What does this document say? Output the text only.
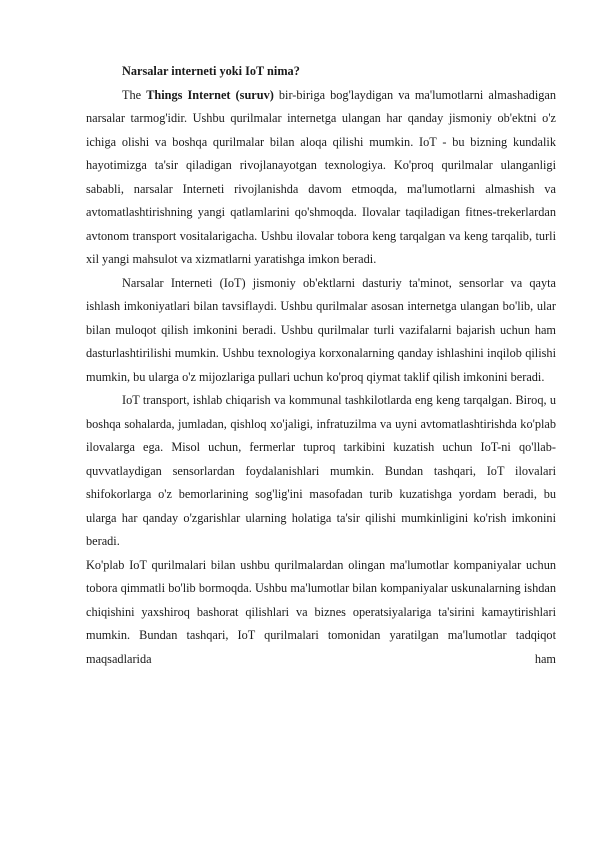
Narsalar interneti yoki IoT nima?

The Things Internet (suruv) bir-biriga bog'laydigan va ma'lumotlarni almashadigan narsalar tarmog'idir. Ushbu qurilmalar internetga ulangan har qanday jismoniy ob'ektni o'z ichiga olishi va boshqa qurilmalar bilan aloqa qilishi mumkin. IoT - bu bizning kundalik hayotimizga ta'sir qiladigan rivojlanayotgan texnologiya. Ko'proq qurilmalar ulanganligi sababli, narsalar Interneti rivojlanishda davom etmoqda, ma'lumotlarni almashish va avtomatlashtirishning yangi qatlamlarini qo'shmoqda. Ilovalar taqiladigan fitnes-trekerlardan avtonom transport vositalarigacha. Ushbu ilovalar tobora keng tarqalgan va keng tarqalib, turli xil yangi mahsulot va xizmatlarni yaratishga imkon beradi.

Narsalar Interneti (IoT) jismoniy ob'ektlarni dasturiy ta'minot, sensorlar va qayta ishlash imkoniyatlari bilan tavsiflaydi. Ushbu qurilmalar asosan internetga ulangan bo'lib, ular bilan muloqot qilish imkonini beradi. Ushbu qurilmalar turli vazifalarni bajarish uchun ham dasturlashtirilishi mumkin. Ushbu texnologiya korxonalarning qanday ishlashini inqilob qilishi mumkin, bu ularga o'z mijozlariga pullari uchun ko'proq qiymat taklif qilish imkonini beradi.

IoT transport, ishlab chiqarish va kommunal tashkilotlarda eng keng tarqalgan. Biroq, u boshqa sohalarda, jumladan, qishloq xo'jaligi, infratuzilma va uyni avtomatlashtirishda ko'plab ilovalarga ega. Misol uchun, fermerlar tuproq tarkibini kuzatish uchun IoT-ni qo'llab-quvvatlaydigan sensorlardan foydalanishlari mumkin. Bundan tashqari, IoT ilovalari shifokorlarga o'z bemorlarining sog'lig'ini masofadan turib kuzatishga yordam beradi, bu ularga har qanday o'zgarishlar ularning holatiga ta'sir qilishi mumkinligini ko'rish imkonini beradi.

Ko'plab IoT qurilmalari bilan ushbu qurilmalardan olingan ma'lumotlar kompaniyalar uchun tobora qimmatli bo'lib bormoqda. Ushbu ma'lumotlar bilan kompaniyalar uskunalarning ishdan chiqishini yaxshiroq bashorat qilishlari va biznes operatsiyalariga ta'sirini kamaytirishlari mumkin. Bundan tashqari, IoT qurilmalari tomonidan yaratilgan ma'lumotlar tadqiqot maqsadlarida ham
